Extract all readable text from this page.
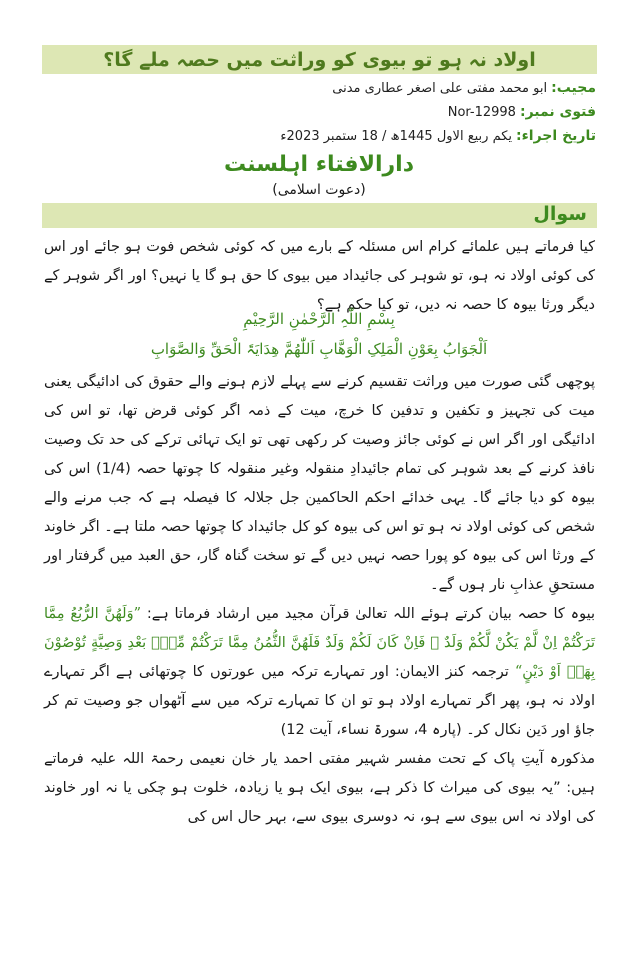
اولاد نہ ہو تو بیوی کو وراثت میں حصہ ملے گا؟
مجیب:ابو محمد مفتی علی اصغر عطاری مدنی
فتوی نمبر:Nor-12998
تاریخ اجراء:یکم ربیع الاول 1445ھ / 18 ستمبر 2023ء
دارالافتاء اہلسنت
(دعوت اسلامی)
سوال

کیا فرماتے ہیں علمائے کرام اس مسئلہ کے بارے میں کہ کوئی شخص فوت ہو جائے اور اس کی کوئی اولاد نہ ہو، تو شوہر کی جائیداد میں بیوی کا حق ہو گا یا نہیں؟ اور اگر شوہر کے دیگر ورثا بیوہ کا حصہ نہ دیں، تو کیا حکم ہے؟

بِسْمِ اللّٰہِ الرَّحْمٰنِ الرَّحِیْمِ
اَلْجَوَابُ بِعَوْنِ الْمَلِکِ الْوَھَّابِ اَللّٰھُمَّ ھِدَایَۃَ الْحَقِّ وَالصَّوَابِ

پوچھی گئی صورت میں وراثت تقسیم کرنے سے پہلے لازم ہونے والے حقوق کی ادائیگی یعنی میت کی تجہیز و تکفین و تدفین کا خرچ، میت کے ذمہ اگر کوئی قرض تھا، تو اس کی ادائیگی اور اگر اس نے کوئی جائز وصیت کر رکھی تھی تو ایک تہائی ترکے کی حد تک وصیت نافذ کرنے کے بعد شوہر کی تمام جائیدادِ منقولہ وغیر منقولہ کا چوتھا حصہ (1/4) اس کی بیوہ کو دیا جائے گا۔ یہی خدائے احکم الحاکمین جل جلالہ کا فیصلہ ہے کہ جب مرنے والے شخص کی کوئی اولاد نہ ہو تو اس کی بیوہ کو کل جائیداد کا چوتھا حصہ ملتا ہے۔ اگر خاوند کے ورثا اس کی بیوہ کو پورا حصہ نہیں دیں گے تو سخت گناہ گار، حق العبد میں گرفتار اور مستحقِ عذابِ نار ہوں گے۔

بیوہ کا حصہ بیان کرتے ہوئے اللہ تعالیٰ قرآن مجید میں ارشاد فرماتا ہے: ”وَلَهُنَّ الرُّبُعُ مِمَّا تَرَكْتُمْ اِنْ لَّمْ یَكُنْ لَّكُمْ وَلَدٌ ۚ فَاِنْ كَانَ لَكُمْ وَلَدٌ فَلَهُنَّ الثُّمُنُ مِمَّا تَرَكْتُمْ مِّنْۢ بَعْدِ وَصِیَّةٍ تُوْصُوْنَ بِهَاۤ اَوْ دَیْنٍ“ ترجمہ کنز الایمان: اور تمہارے ترکہ میں عورتوں کا چوتھائی ہے اگر تمہارے اولاد نہ ہو، پھر اگر تمہارے اولاد ہو تو ان کا تمہارے ترکہ میں سے آٹھواں جو وصیت تم کر جاؤ اور دَین نکال کر۔ (پارہ 4، سورۃ نساء، آیت 12)

مذکورہ آیتِ پاک کے تحت مفسر شہیر مفتی احمد یار خان نعیمی رحمۃ اللہ علیہ فرماتے ہیں: ”یہ بیوی کی میراث کا ذکر ہے، بیوی ایک ہو یا زیادہ، خلوت ہو چکی یا نہ اور خاوند کی اولاد نہ اس بیوی سے ہو، نہ دوسری بیوی سے، بہر حال اس کی
